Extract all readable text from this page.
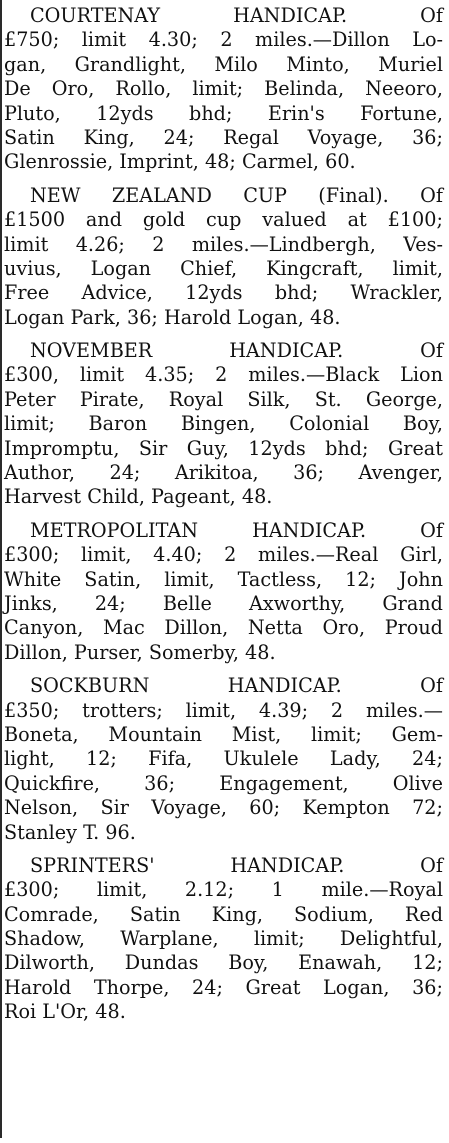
COURTENAY	HANDICAP.	Of
£750; limit 4.30; 2 miles.—Dillon Lo-
gan, Grandlight, Milo Minto, Muriel
De Oro, Rollo, limit; Belinda, Neeoro,
Pluto, 12yds bhd; Erin's Fortune,
Satin King, 24; Regal Voyage, 36;
Glenrossie,
Imprint,
48;
Carmel,
60.
NEW ZEALAND CUP (Final). Of
£1500 and gold cup valued at £100;
limit 4.26; 2 miles.—Lindbergh, Ves-
uvius, Logan Chief, Kingcraft, limit,
Free Advice, 12yds bhd; Wrackler,
Logan
Park,
36;
Harold
Logan,
48.
NOVEMBER	HANDICAP.	Of
£300, limit 4.35; 2 miles.—Black Lion
Peter Pirate, Royal Silk, St. George,
limit; Baron Bingen, Colonial Boy,
Impromptu, Sir Guy, 12yds bhd; Great
Author, 24; Arikitoa, 36; Avenger,
Harvest
Child,
Pageant,
48.
METROPOLITAN	HANDICAP.	Of
£300; limit, 4.40; 2 miles.—Real Girl,
White Satin, limit, Tactless, 12; John
Jinks, 24; Belle Axworthy, Grand
Canyon, Mac Dillon, Netta Oro, Proud
Dillon,
Purser,
Somerby,
48.
SOCKBURN	HANDICAP.	Of
£350; trotters; limit, 4.39; 2 miles.—
Boneta, Mountain Mist, limit; Gem-
light, 12; Fifa, Ukulele Lady, 24;
Quickfire, 36; Engagement, Olive
Nelson, Sir Voyage, 60; Kempton 72;
Stanley
T.
96.
SPRINTERS'	HANDICAP.	Of
£300; limit, 2.12; 1 mile.—Royal
Comrade, Satin King, Sodium, Red
Shadow, Warplane, limit; Delightful,
Dilworth, Dundas Boy, Enawah, 12;
Harold Thorpe, 24; Great Logan, 36;
Roi
L'Or,
48.
